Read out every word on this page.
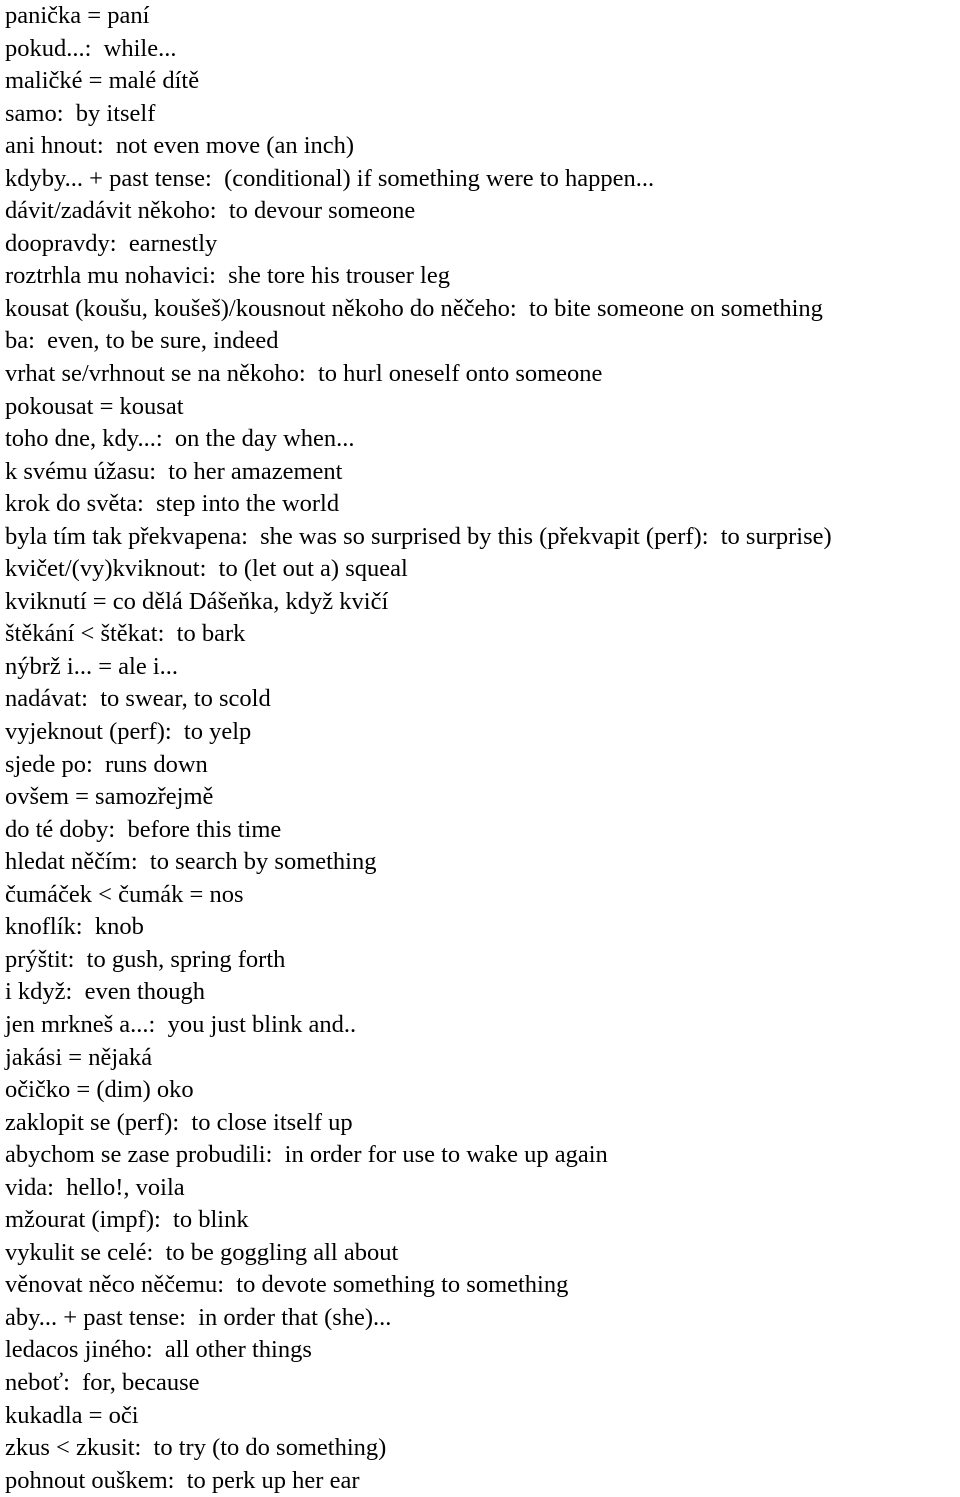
panička = paní
pokud...:  while...
maličké = malé dítě
samo:  by itself
ani hnout:  not even move (an inch)
kdyby... + past tense:  (conditional) if something were to happen...
dávit/zadávit někoho:  to devour someone
doopravdy:  earnestly
roztrhla mu nohavici:  she tore his trouser leg
kousat (koušu, koušeš)/kousnout někoho do něčeho:  to bite someone on something
ba:  even, to be sure, indeed
vrhat se/vrhnout se na někoho:  to hurl oneself onto someone
pokousat = kousat
toho dne, kdy...:  on the day when...
k svému úžasu:  to her amazement
krok do světa:  step into the world
byla tím tak překvapena:  she was so surprised by this (překvapit (perf):  to surprise)
kvičet/(vy)kviknout:  to (let out a) squeal
kviknutí = co dělá Dášeňka, když kvičí
štěkání < štěkat:  to bark
nýbrž i... = ale i...
nadávat:  to swear, to scold
vyjeknout (perf):  to yelp
sjede po:  runs down
ovšem = samozřejmě
do té doby:  before this time
hledat něčím:  to search by something
čumáček < čumák = nos
knoflík:  knob
prýštit:  to gush, spring forth
i když:  even though
jen mrkneš a...:  you just blink and..
jakási = nějaká
očičko = (dim) oko
zaklopit se (perf):  to close itself up
abychom se zase probudili:  in order for use to wake up again
vida:  hello!, voila
mžourat (impf):  to blink
vykulit se celé:  to be goggling all about
věnovat něco něčemu:  to devote something to something
aby... + past tense:  in order that (she)...
ledacos jiného:  all other things
neboť:  for, because
kukadla = oči
zkus < zkusit:  to try (to do something)
pohnout ouškem:  to perk up her ear
